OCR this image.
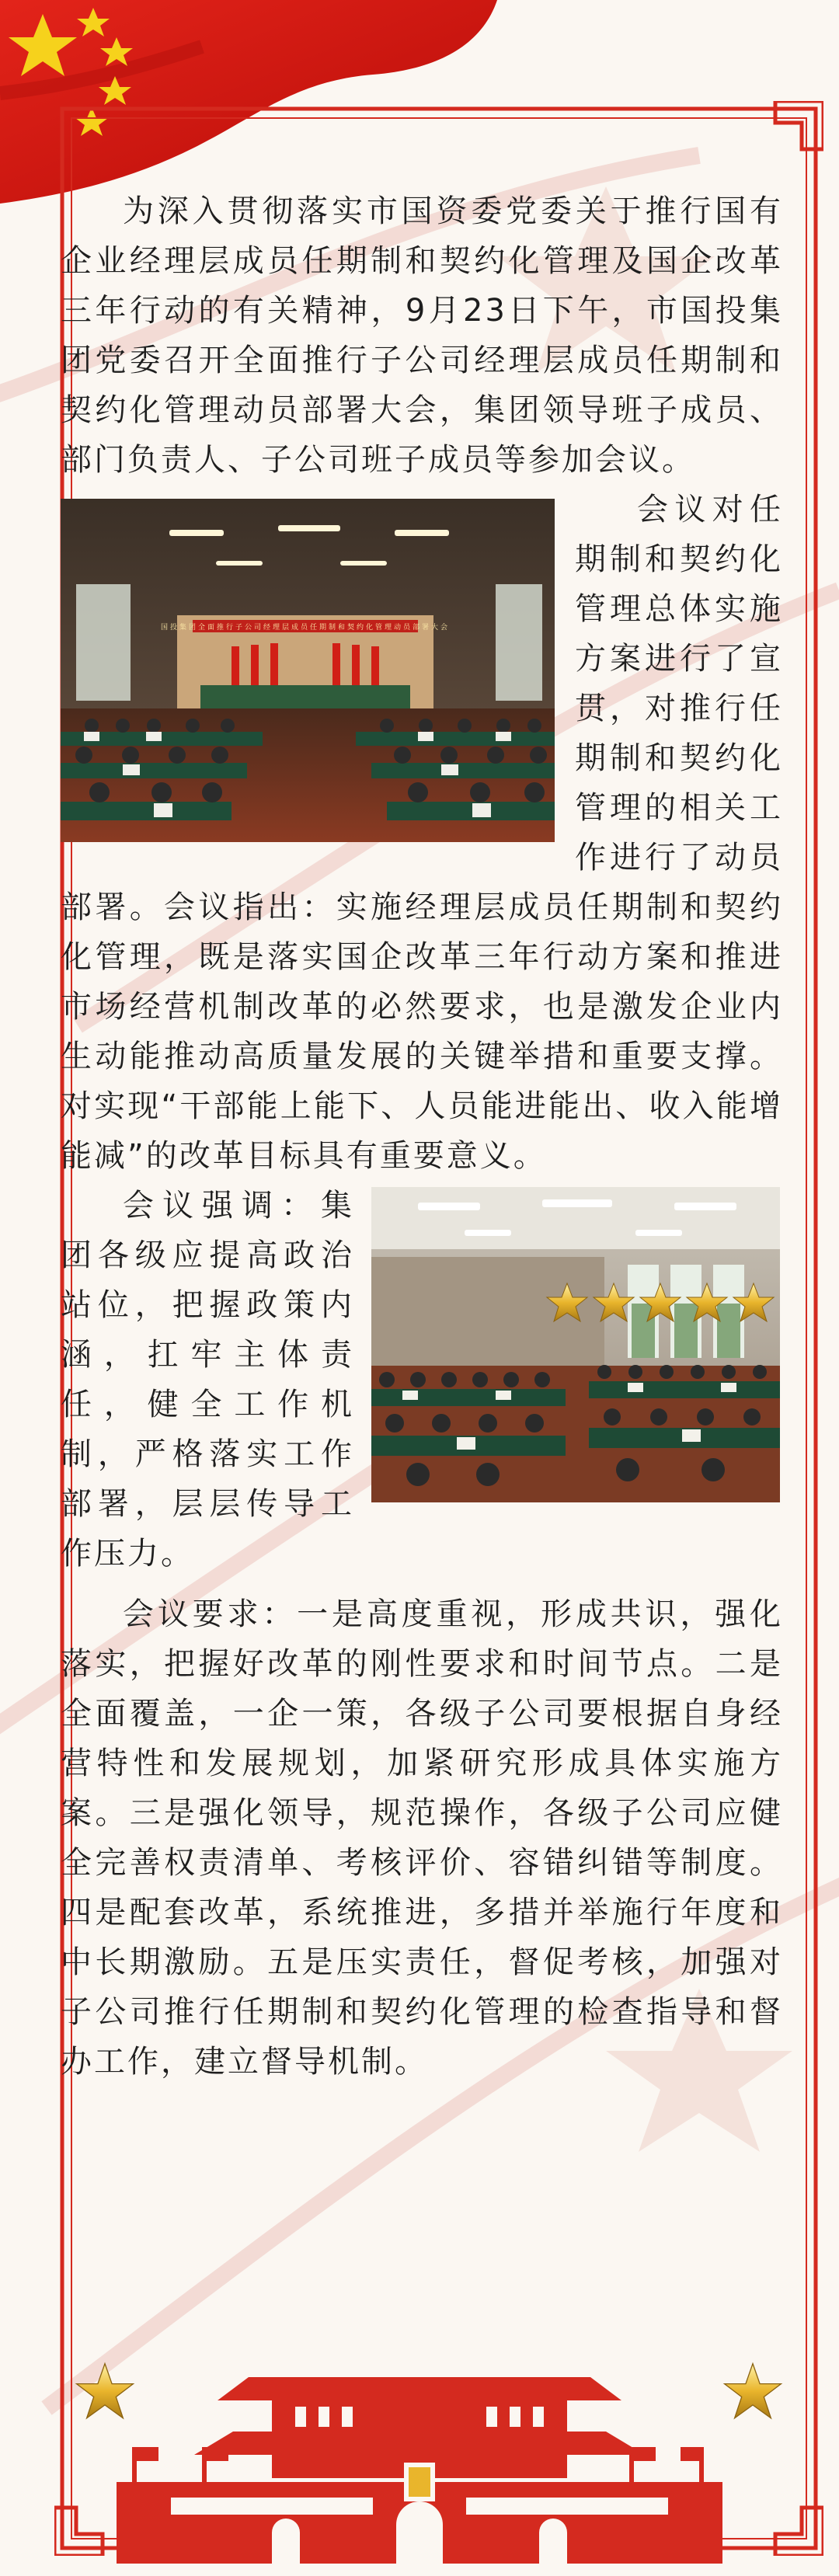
为深入贯彻落实市国资委党委关于推行国有企业经理层成员任期制和契约化管理及国企改革三年行动的有关精神，9月23日下午，市国投集团党委召开全面推行子公司经理层成员任期制和契约化管理动员部署大会，集团领导班子成员、部门负责人、子公司班子成员等参加会议。

国投集团全面推行子公司经理层成员任期制和契约化管理动员部署大会

会议对任期制和契约化管理总体实施方案进行了宣贯，对推行任期制和契约化管理的相关工作进行了动员部署。会议指出：实施经理层成员任期制和契约化管理，既是落实国企改革三年行动方案和推进市场经营机制改革的必然要求，也是激发企业内生动能推动高质量发展的关键举措和重要支撑。对实现“干部能上能下、人员能进能出、收入能增能减”的改革目标具有重要意义。

会议强调：集团各级应提高政治站位，把握政策内涵，扛牢主体责任，健全工作机制，严格落实工作部署，层层传导工作压力。

会议要求：一是高度重视，形成共识，强化落实，把握好改革的刚性要求和时间节点。二是全面覆盖，一企一策，各级子公司要根据自身经营特性和发展规划，加紧研究形成具体实施方案。三是强化领导，规范操作，各级子公司应健全完善权责清单、考核评价、容错纠错等制度。四是配套改革，系统推进，多措并举施行年度和中长期激励。五是压实责任，督促考核，加强对子公司推行任期制和契约化管理的检查指导和督办工作，建立督导机制。
